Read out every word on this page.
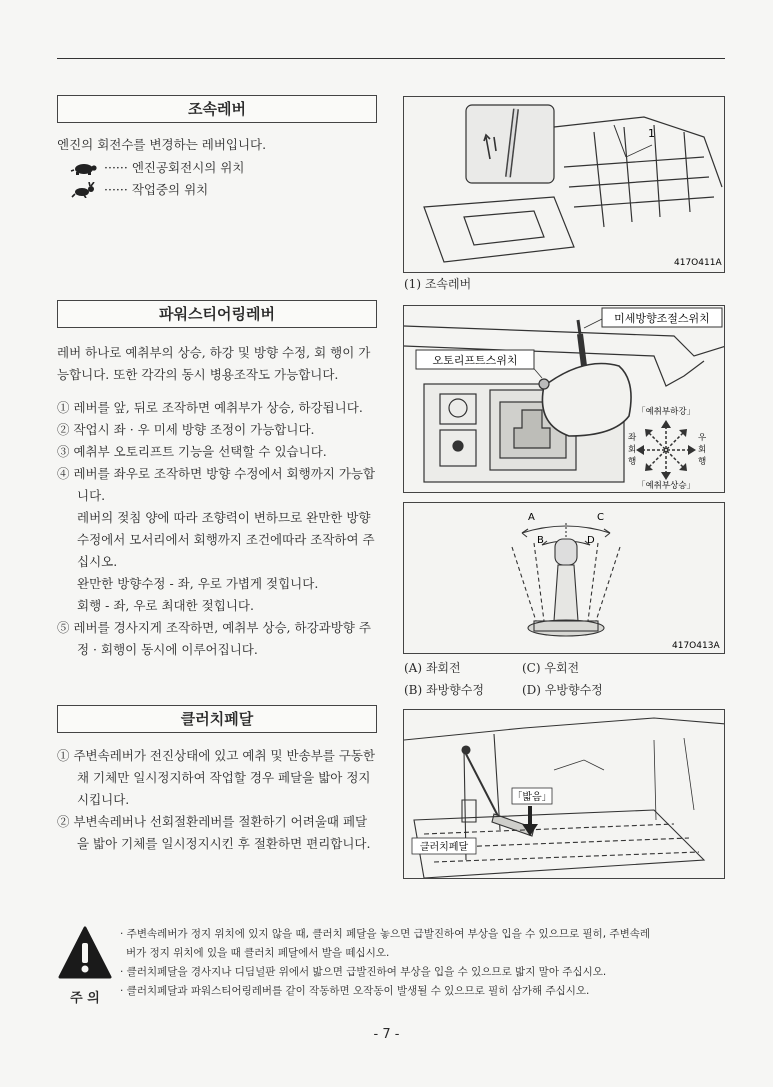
조속레버
엔진의 회전수를 변경하는 레버입니다.
······ 엔진공회전시의 위치
······ 작업중의 위치
파워스티어링레버
레버 하나로 예취부의 상승, 하강 및 방향 수정, 회 행이 가능합니다. 또한 각각의 동시 병용조작도 가능합니다.
① 레버를 앞, 뒤로 조작하면 예취부가 상승, 하강됩니다.
② 작업시 좌 · 우 미세 방향 조정이 가능합니다.
③ 예취부 오토리프트 기능을 선택할 수 있습니다.
④ 레버를 좌우로 조작하면 방향 수정에서 회행까지 가능합니다.
레버의 젖침 양에 따라 조향력이 변하므로 완만한 방향 수정에서 모서리에서 회행까지 조건에따라 조작하여 주십시오.
완만한 방향수정 - 좌, 우로 가볍게 젖힙니다.
회행 - 좌, 우로 최대한 젖힙니다.
⑤ 레버를 경사지게 조작하면, 예취부 상승, 하강과방향 주정 · 회행이 동시에 이루어집니다.
클러치페달
① 주변속레버가 전진상태에 있고 예취 및 반송부를 구동한 채 기체만 일시정지하여 작업할 경우 페달을 밟아 정지시킵니다.
② 부변속레버나 선회절환레버를 절환하기 어려울때 페달을 밟아 기체를 일시정지시킨 후 절환하면 편리합니다.
1
417O411A
(1) 조속레버
미세방향조절스위치
오토리프트스위치
「예취부하강」
「예취부상승」
좌 회 행
우 회 행
A
B
C
D
417O413A
(A) 좌회전	(C) 우회전
(B) 좌방향수정	(D) 우방향수정
「밟음」
클러치페달
주 의
· 주변속레버가 정지 위치에 있지 않을 때, 클러치 페달을 놓으면 급발진하여 부상을 입을 수 있으므로 필히, 주변속레
버가 정지 위치에 있을 때 클러치 페달에서 발을 떼십시오.
· 클러치페달을 경사지나 디딤널판 위에서 밟으면 급발진하여 부상을 입을 수 있으므로 밟지 말아 주십시오.
· 클러치페달과 파워스티어링레버를 같이 작동하면 오작동이 발생될 수 있으므로 필히 삼가해 주십시오.
- 7 -
